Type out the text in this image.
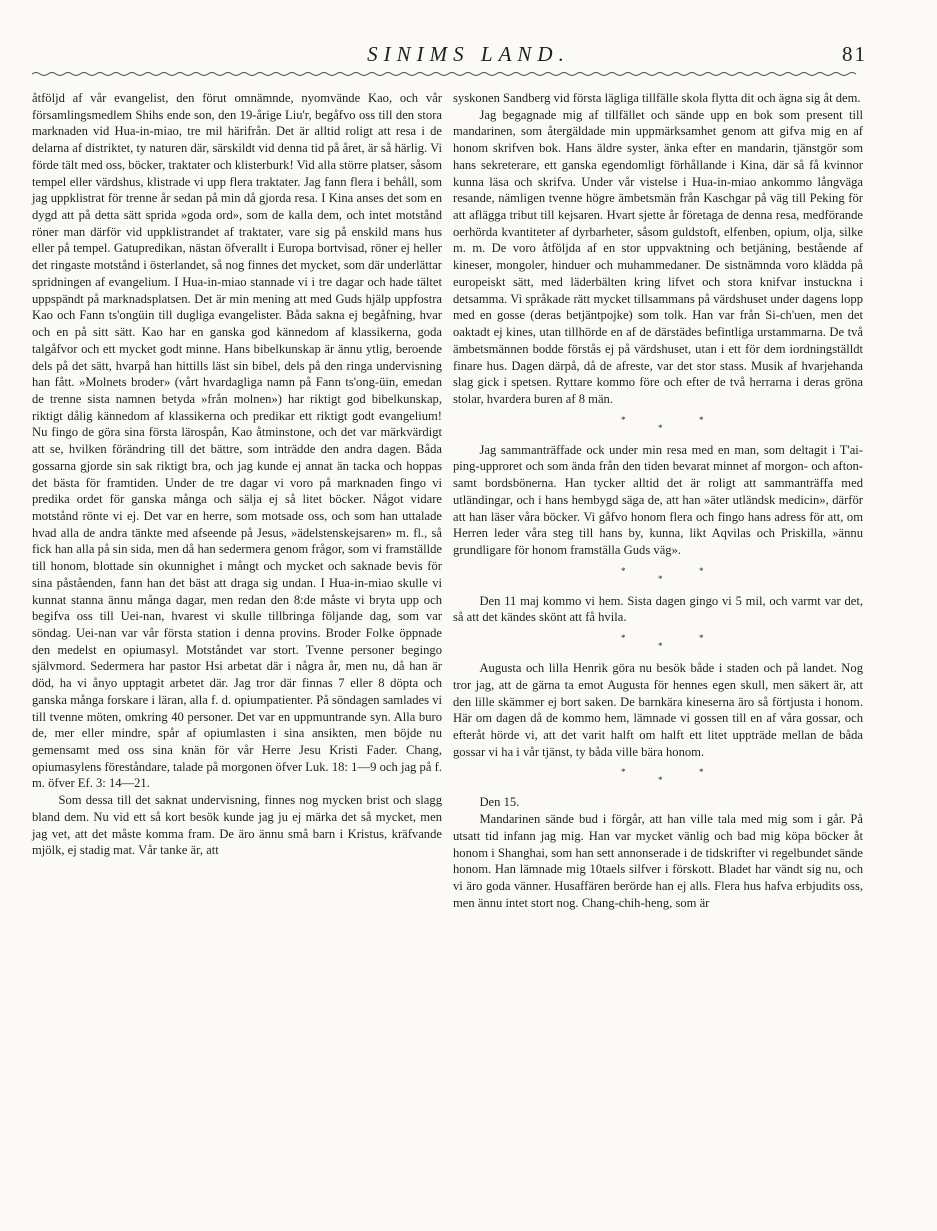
SINIMS LAND.	81

åtföljd af vår evangelist, den förut omnämnde, nyomvände Kao, och vår församlingsmedlem Shihs ende son, den 19-årige Liu'r, begåfvo oss till den stora marknaden vid Hua-in-miao, tre mil härifrån. Det är alltid roligt att resa i de delarna af distriktet, ty naturen där, särskildt vid denna tid på året, är så härlig. Vi förde tält med oss, böcker, traktater och klisterburk! Vid alla större platser, såsom tempel eller värdshus, klistrade vi upp flera traktater. Jag fann flera i behåll, som jag uppklistrat för trenne år sedan på min då gjorda resa. I Kina anses det som en dygd att på detta sätt sprida »goda ord», som de kalla dem, och intet motstånd röner man därför vid uppklistrandet af traktater, vare sig på enskild mans hus eller på tempel. Gatupredikan, nästan öfverallt i Europa bortvisad, röner ej heller det ringaste motstånd i österlandet, så nog finnes det mycket, som där underlättar spridningen af evangelium. I Hua-in-miao stannade vi i tre dagar och hade tältet uppspändt på marknadsplatsen. Det är min mening att med Guds hjälp uppfostra Kao och Fann ts'ongüin till dugliga evangelister. Båda sakna ej begåfning, hvar och en på sitt sätt. Kao har en ganska god kännedom af klassikerna, goda talgåfvor och ett mycket godt minne. Hans bibelkunskap är ännu ytlig, beroende dels på det sätt, hvarpå han hittills läst sin bibel, dels på den ringa undervisning han fått. »Molnets broder» (vårt hvardagliga namn på Fann ts'ong-üin, emedan de trenne sista namnen betyda »från molnen») har riktigt god bibelkunskap, riktigt dålig kännedom af klassikerna och predikar ett riktigt godt evangelium! Nu fingo de göra sina första lärospån, Kao åtminstone, och det var märkvärdigt att se, hvilken förändring till det bättre, som inträdde den andra dagen. Båda gossarna gjorde sin sak riktigt bra, och jag kunde ej annat än tacka och hoppas det bästa för framtiden. Under de tre dagar vi voro på marknaden fingo vi predika ordet för ganska många och sälja ej så litet böcker. Något vidare motstånd rönte vi ej. Det var en herre, som motsade oss, och som han uttalade hvad alla de andra tänkte med afseende på Jesus, »ädelstenskejsaren» m. fl., så fick han alla på sin sida, men då han sedermera genom frågor, som vi framställde till honom, blottade sin okunnighet i mångt och mycket och saknade bevis för sina påståenden, fann han det bäst att draga sig undan. I Hua-in-miao skulle vi kunnat stanna ännu många dagar, men redan den 8:de måste vi bryta upp och begifva oss till Uei-nan, hvarest vi skulle tillbringa följande dag, som var söndag. Uei-nan var vår första station i denna provins. Broder Folke öppnade den medelst en opiumasyl. Motståndet var stort. Tvenne personer begingo självmord. Sedermera har pastor Hsi arbetat där i några år, men nu, då han är död, ha vi ånyo upptagit arbetet där. Jag tror där finnas 7 eller 8 döpta och ganska många forskare i läran, alla f. d. opiumpatienter. På söndagen samlades vi till tvenne möten, omkring 40 personer. Det var en uppmuntrande syn. Alla buro de, mer eller mindre, spår af opiumlasten i sina ansikten, men böjde nu gemensamt med oss sina knän för vår Herre Jesu Kristi Fader. Chang, opiumasylens föreståndare, talade på morgonen öfver Luk. 18: 1—9 och jag på f. m. öfver Ef. 3: 14—21.

Som dessa till det saknat undervisning, finnes nog mycken brist och slagg bland dem. Nu vid ett så kort besök kunde jag ju ej märka det så mycket, men jag vet, att det måste komma fram. De äro ännu små barn i Kristus, kräfvande mjölk, ej stadig mat. Vår tanke är, att

syskonen Sandberg vid första lägliga tillfälle skola flytta dit och ägna sig åt dem.

Jag begagnade mig af tillfället och sände upp en bok som present till mandarinen, som återgäldade min uppmärksamhet genom att gifva mig en af honom skrifven bok. Hans äldre syster, änka efter en mandarin, tjänstgör som hans sekreterare, ett ganska egendomligt förhållande i Kina, där så få kvinnor kunna läsa och skrifva. Under vår vistelse i Hua-in-miao ankommo långväga resande, nämligen tvenne högre ämbetsmän från Kaschgar på väg till Peking för att aflägga tribut till kejsaren. Hvart sjette år företaga de denna resa, medförande oerhörda kvantiteter af dyrbarheter, såsom guldstoft, elfenben, opium, olja, silke m. m. De voro åtföljda af en stor uppvaktning och betjäning, bestående af kineser, mongoler, hinduer och muhammedaner. De sistnämnda voro klädda på europeiskt sätt, med läderbälten kring lifvet och stora knifvar instuckna i detsamma. Vi språkade rätt mycket tillsammans på värdshuset under dagens lopp med en gosse (deras betjäntpojke) som tolk. Han var från Si-ch'uen, men det oaktadt ej kines, utan tillhörde en af de därstädes befintliga urstammarna. De två ämbetsmännen bodde förstås ej på värdshuset, utan i ett för dem iordningställdt finare hus. Dagen därpå, då de afreste, var det stor stass. Musik af hvarjehanda slag gick i spetsen. Ryttare kommo före och efter de två herrarna i deras gröna stolar, hvardera buren af 8 män.

*
*
*

Jag sammanträffade ock under min resa med en man, som deltagit i T'ai-ping-upproret och som ända från den tiden bevarat minnet af morgon- och afton- samt bordsbönerna. Han tycker alltid det är roligt att sammanträffa med utländingar, och i hans hembygd säga de, att han »äter utländsk medicin», därför att han läser våra böcker. Vi gåfvo honom flera och fingo hans adress för att, om Herren leder våra steg till hans by, kunna, likt Aqvilas och Priskilla, »ännu grundligare för honom framställa Guds väg».

*
*
*

Den 11 maj kommo vi hem. Sista dagen gingo vi 5 mil, och varmt var det, så att det kändes skönt att få hvila.

*
*
*

Augusta och lilla Henrik göra nu besök både i staden och på landet. Nog tror jag, att de gärna ta emot Augusta för hennes egen skull, men säkert är, att den lille skämmer ej bort saken. De barnkära kineserna äro så förtjusta i honom. Här om dagen då de kommo hem, lämnade vi gossen till en af våra gossar, och efteråt hörde vi, att det varit halft om halft ett litet uppträde mellan de båda gossar vi ha i vår tjänst, ty båda ville bära honom.

*
*
*

Den 15.

Mandarinen sände bud i förgår, att han ville tala med mig som i går. På utsatt tid infann jag mig. Han var mycket vänlig och bad mig köpa böcker åt honom i Shanghai, som han sett annonserade i de tidskrifter vi regelbundet sände honom. Han lämnade mig 10taels silfver i förskott. Bladet har vändt sig nu, och vi äro goda vänner. Husaffären berörde han ej alls. Flera hus hafva erbjudits oss, men ännu intet stort nog. Chang-chih-heng, som är
